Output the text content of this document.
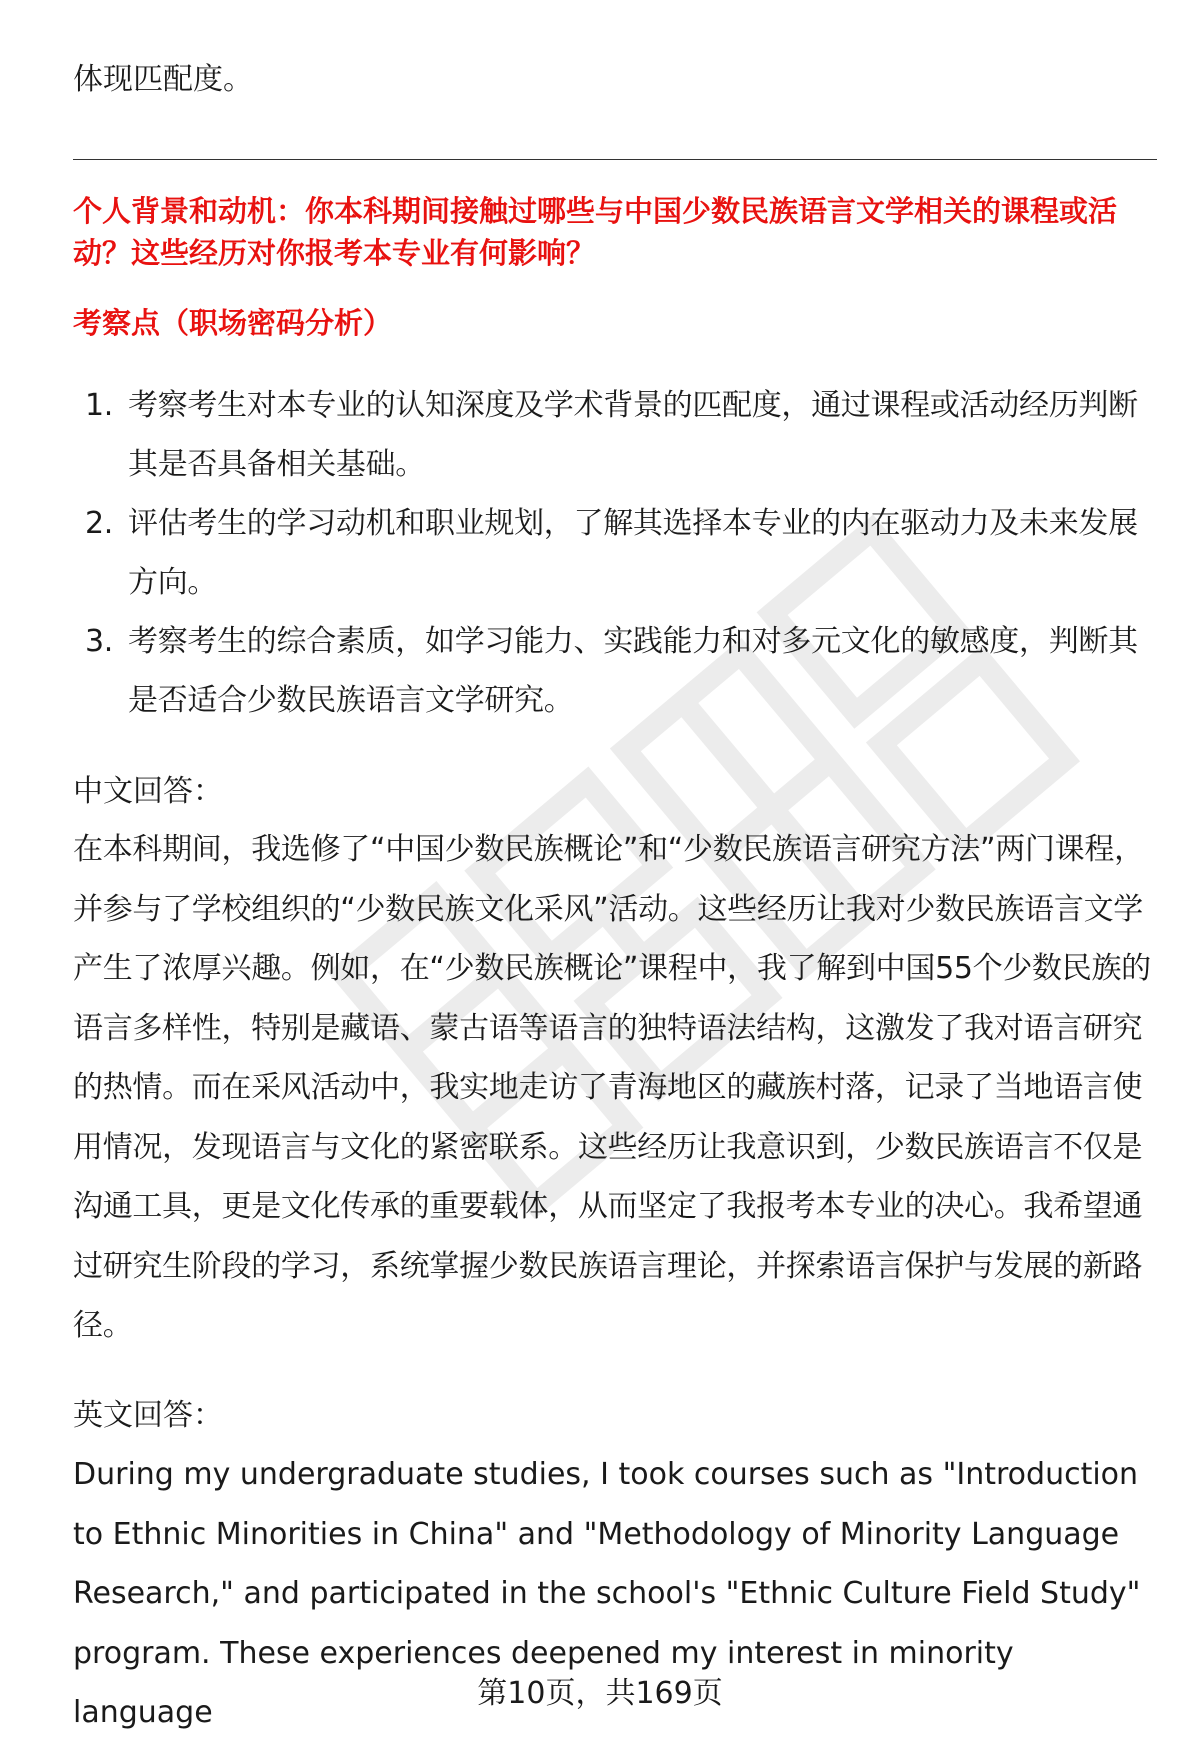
体现匹配度。
个人背景和动机：你本科期间接触过哪些与中国少数民族语言文学相关的课程或活动？这些经历对你报考本专业有何影响？
考察点（职场密码分析）
1. 考察考生对本专业的认知深度及学术背景的匹配度，通过课程或活动经历判断其是否具备相关基础。
2. 评估考生的学习动机和职业规划，了解其选择本专业的内在驱动力及未来发展方向。
3. 考察考生的综合素质，如学习能力、实践能力和对多元文化的敏感度，判断其是否适合少数民族语言文学研究。
中文回答：
在本科期间，我选修了“中国少数民族概论”和“少数民族语言研究方法”两门课程，并参与了学校组织的“少数民族文化采风”活动。这些经历让我对少数民族语言文学产生了浓厚兴趣。例如，在“少数民族概论”课程中，我了解到中国55个少数民族的语言多样性，特别是藏语、蒙古语等语言的独特语法结构，这激发了我对语言研究的热情。而在采风活动中，我实地走访了青海地区的藏族村落，记录了当地语言使用情况，发现语言与文化的紧密联系。这些经历让我意识到，少数民族语言不仅是沟通工具，更是文化传承的重要载体，从而坚定了我报考本专业的决心。我希望通过研究生阶段的学习，系统掌握少数民族语言理论，并探索语言保护与发展的新路径。
英文回答：
During my undergraduate studies, I took courses such as "Introduction to Ethnic Minorities in China" and "Methodology of Minority Language Research," and participated in the school's "Ethnic Culture Field Study" program. These experiences deepened my interest in minority language
第10页，共169页
